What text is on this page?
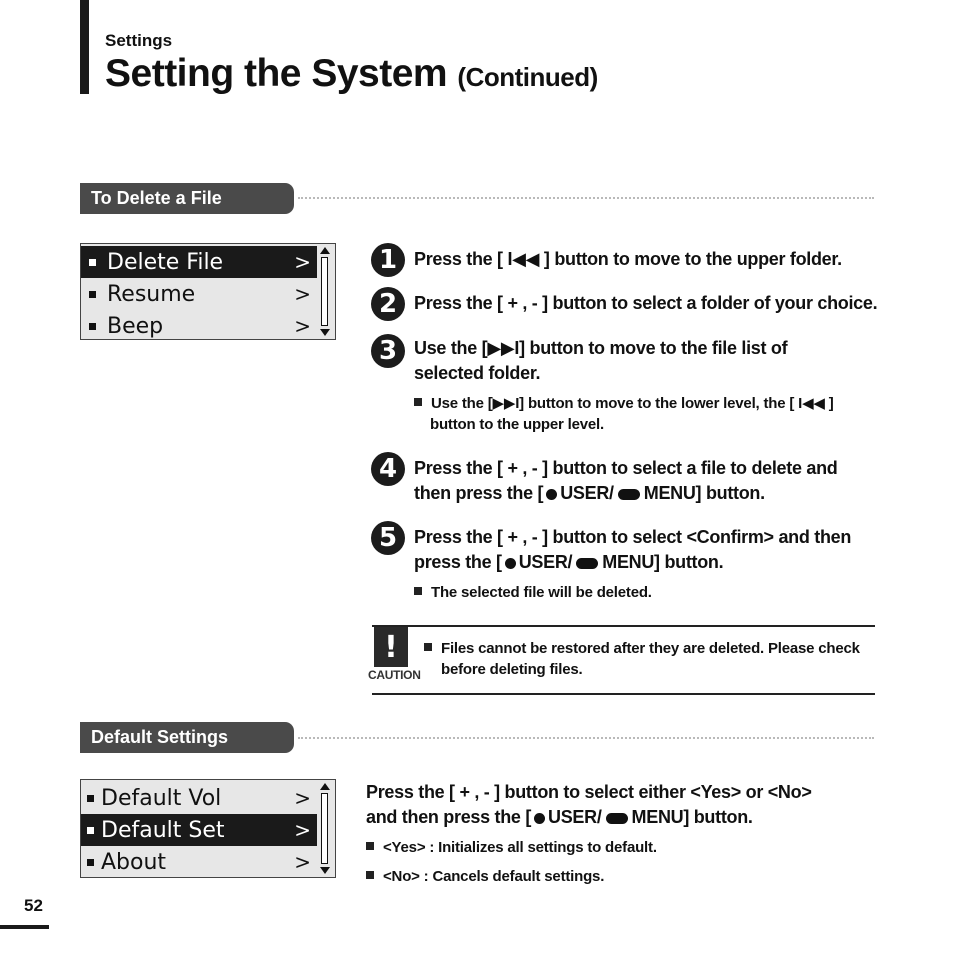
Settings
Setting the System (Continued)
To Delete a File
Delete File	>
Resume	>
Beep	>
1 Press the [ I◀◀ ] button to move to the upper folder.
2 Press the [ + , - ] button to select a folder of your choice.
3 Use the [▶▶I] button to move to the file list of
selected folder.
Use the [▶▶I] button to move to the lower level, the [ I◀◀ ]
button to the upper level.
4 Press the [ + , - ] button to select a file to delete and
then press the [ USER/ MENU] button.
5 Press the [ + , - ] button to select <Confirm> and then
press the [ USER/ MENU] button.
The selected file will be deleted.
!
CAUTION
Files cannot be restored after they are deleted. Please check
before deleting files.
Default Settings
Default Vol	>
Default Set	>
About	>
Press the [ + , - ] button to select either <Yes> or <No>
and then press the [ USER/ MENU] button.
<Yes> : Initializes all settings to default.
<No> : Cancels default settings.
52
